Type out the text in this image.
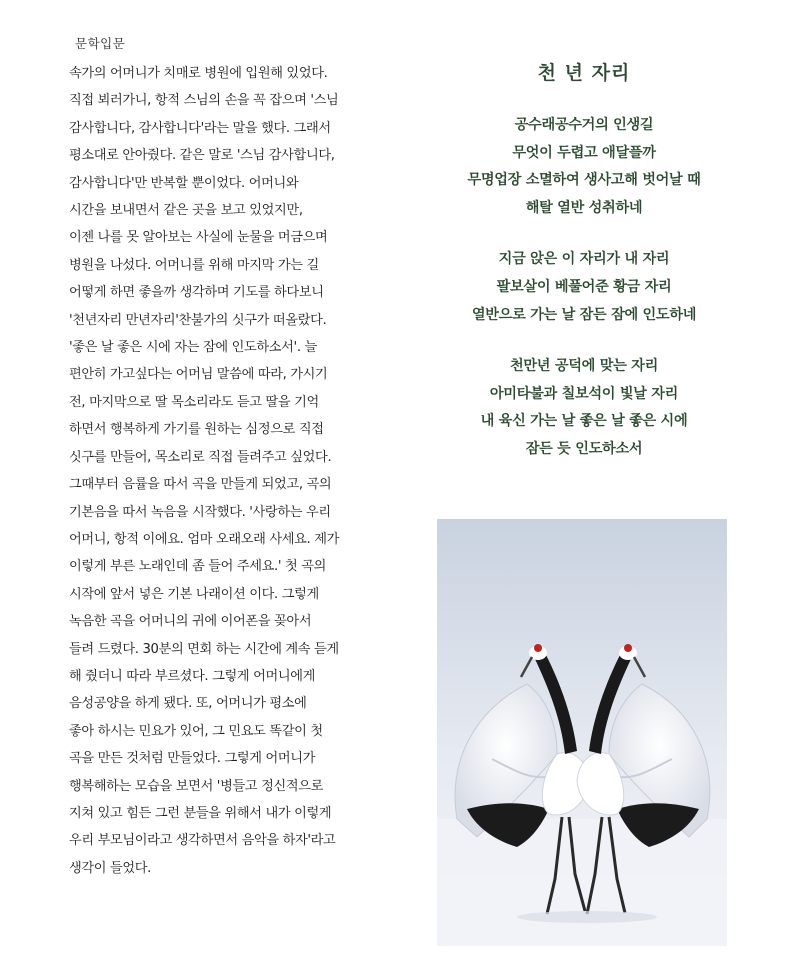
문학입문
속가의 어머니가 치매로 병원에 입원해 있었다.
직접 뵈러가니, 항적 스님의 손을 꼭 잡으며 '스님
감사합니다, 감사합니다'라는 말을 했다. 그래서
평소대로 안아줬다. 같은 말로 '스님 감사합니다,
감사합니다'만 반복할 뿐이었다. 어머니와
시간을 보내면서 같은 곳을 보고 있었지만,
이젠 나를 못 알아보는 사실에 눈물을 머금으며
병원을 나섰다. 어머니를 위해 마지막 가는 길
어떻게 하면 좋을까 생각하며 기도를 하다보니
'천년자리 만년자리'찬불가의 싯구가 떠올랐다.
'좋은 날 좋은 시에 자는 잠에 인도하소서'. 늘
편안히 가고싶다는 어머님 말씀에 따라, 가시기
전, 마지막으로 딸 목소리라도 듣고 딸을 기억
하면서 행복하게 가기를 원하는 심정으로 직접
싯구를 만들어, 목소리로 직접 들려주고 싶었다.
그때부터 음률을 따서 곡을 만들게 되었고, 곡의
기본음을 따서 녹음을 시작했다. '사랑하는 우리
어머니, 항적 이에요. 엄마 오래오래 사세요. 제가
이렇게 부른 노래인데 좀 들어 주세요.' 첫 곡의
시작에 앞서 넣은 기본 나래이션 이다. 그렇게
녹음한 곡을 어머니의 귀에 이어폰을 꽂아서
들려 드렸다. 30분의 면회 하는 시간에 계속 듣게
해 줬더니 따라 부르셨다. 그렇게 어머니에게
음성공양을 하게 됐다. 또, 어머니가 평소에
좋아 하시는 민요가 있어, 그 민요도 똑같이 첫
곡을 만든 것처럼 만들었다. 그렇게 어머니가
행복해하는 모습을 보면서 '병들고 정신적으로
지쳐 있고 힘든 그런 분들을 위해서 내가 이렇게
우리 부모님이라고 생각하면서 음악을 하자'라고
생각이 들었다.
천 년 자리
공수래공수거의 인생길
무엇이 두렵고 애달플까
무명업장 소멸하여 생사고해 벗어날 때
해탈 열반 성취하네
지금 앉은 이 자리가 내 자리
팔보살이 베풀어준 황금 자리
열반으로 가는 날 잠든 잠에 인도하네
천만년 공덕에 맞는 자리
아미타불과 칠보석이 빛날 자리
내 육신 가는 날 좋은 날 좋은 시에
잠든 듯 인도하소서
